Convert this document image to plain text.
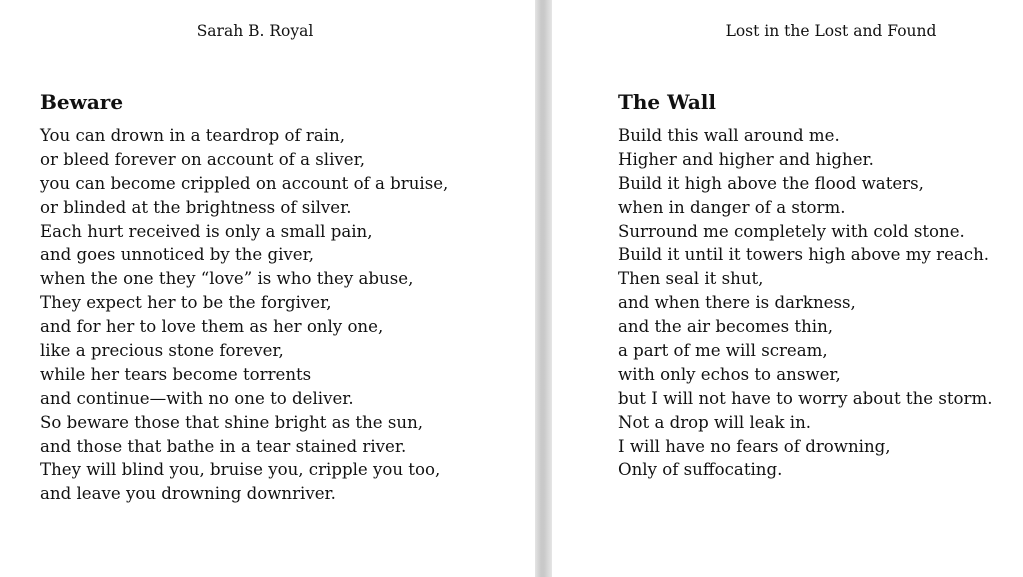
Sarah B. Royal
Beware
You can drown in a teardrop of rain,
or bleed forever on account of a sliver,
you can become crippled on account of a bruise,
or blinded at the brightness of silver.
Each hurt received is only a small pain,
and goes unnoticed by the giver,
when the one they “love” is who they abuse,
They expect her to be the forgiver,
and for her to love them as her only one,
like a precious stone forever,
while her tears become torrents
and continue—with no one to deliver.
So beware those that shine bright as the sun,
and those that bathe in a tear stained river.
They will blind you, bruise you, cripple you too,
and leave you drowning downriver.
Lost in the Lost and Found
The Wall
Build this wall around me.
Higher and higher and higher.
Build it high above the flood waters,
when in danger of a storm.
Surround me completely with cold stone.
Build it until it towers high above my reach.
Then seal it shut,
and when there is darkness,
and the air becomes thin,
a part of me will scream,
with only echos to answer,
but I will not have to worry about the storm.
Not a drop will leak in.
I will have no fears of drowning,
Only of suffocating.
